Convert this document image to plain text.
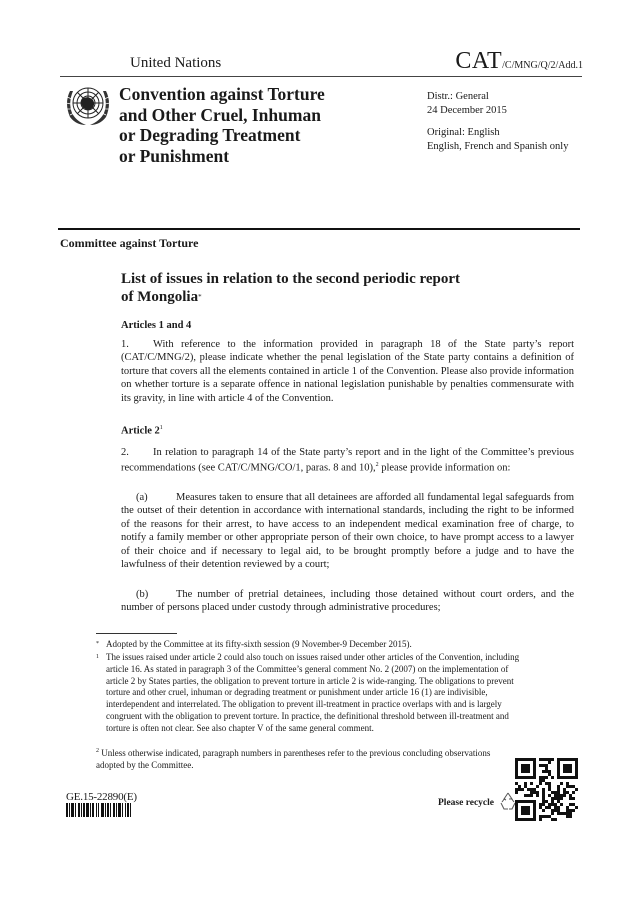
United Nations	CAT/C/MNG/Q/2/Add.1
Convention against Torture
and Other Cruel, Inhuman
or Degrading Treatment
or Punishment
Distr.: General
24 December 2015
Original: English
English, French and Spanish only
Committee against Torture
List of issues in relation to the second periodic report
of Mongolia*
Articles 1 and 4
1. With reference to the information provided in paragraph 18 of the State party’s report (CAT/C/MNG/2), please indicate whether the penal legislation of the State party contains a definition of torture that covers all the elements contained in article 1 of the Convention. Please also provide information on whether torture is a separate offence in national legislation punishable by penalties commensurate with its gravity, in line with article 4 of the Convention.
Article $2^1$
2. In relation to paragraph 14 of the State party’s report and in the light of the Committee’s previous recommendations (see CAT/C/MNG/CO/1, paras. 8 and 10),$^2$ please provide information on:
(a)	Measures taken to ensure that all detainees are afforded all fundamental legal safeguards from the outset of their detention in accordance with international standards, including the right to be informed of the reasons for their arrest, to have access to an independent medical examination free of charge, to notify a family member or other appropriate person of their own choice, to have prompt access to a lawyer of their choice and if necessary to legal aid, to be brought promptly before a judge and to have the lawfulness of their detention reviewed by a court;
(b)	The number of pretrial detainees, including those detained without court orders, and the number of persons placed under custody through administrative procedures;
* Adopted by the Committee at its fifty-sixth session (9 November-9 December 2015).
1 The issues raised under article 2 could also touch on issues raised under other articles of the Convention, including article 16. As stated in paragraph 3 of the Committee’s general comment No. 2 (2007) on the implementation of article 2 by States parties, the obligation to prevent torture in article 2 is wide-ranging. The obligations to prevent torture and other cruel, inhuman or degrading treatment or punishment under article 16 (1) are indivisible, interdependent and interrelated. The obligation to prevent ill-treatment in practice overlaps with and is largely congruent with the obligation to prevent torture. In practice, the definitional threshold between ill-treatment and torture is often not clear. See also chapter V of the same general comment.
$^2$ Unless otherwise indicated, paragraph numbers in parentheses refer to the previous concluding observations adopted by the Committee.
GE.15-22890(E)	Please recycle
